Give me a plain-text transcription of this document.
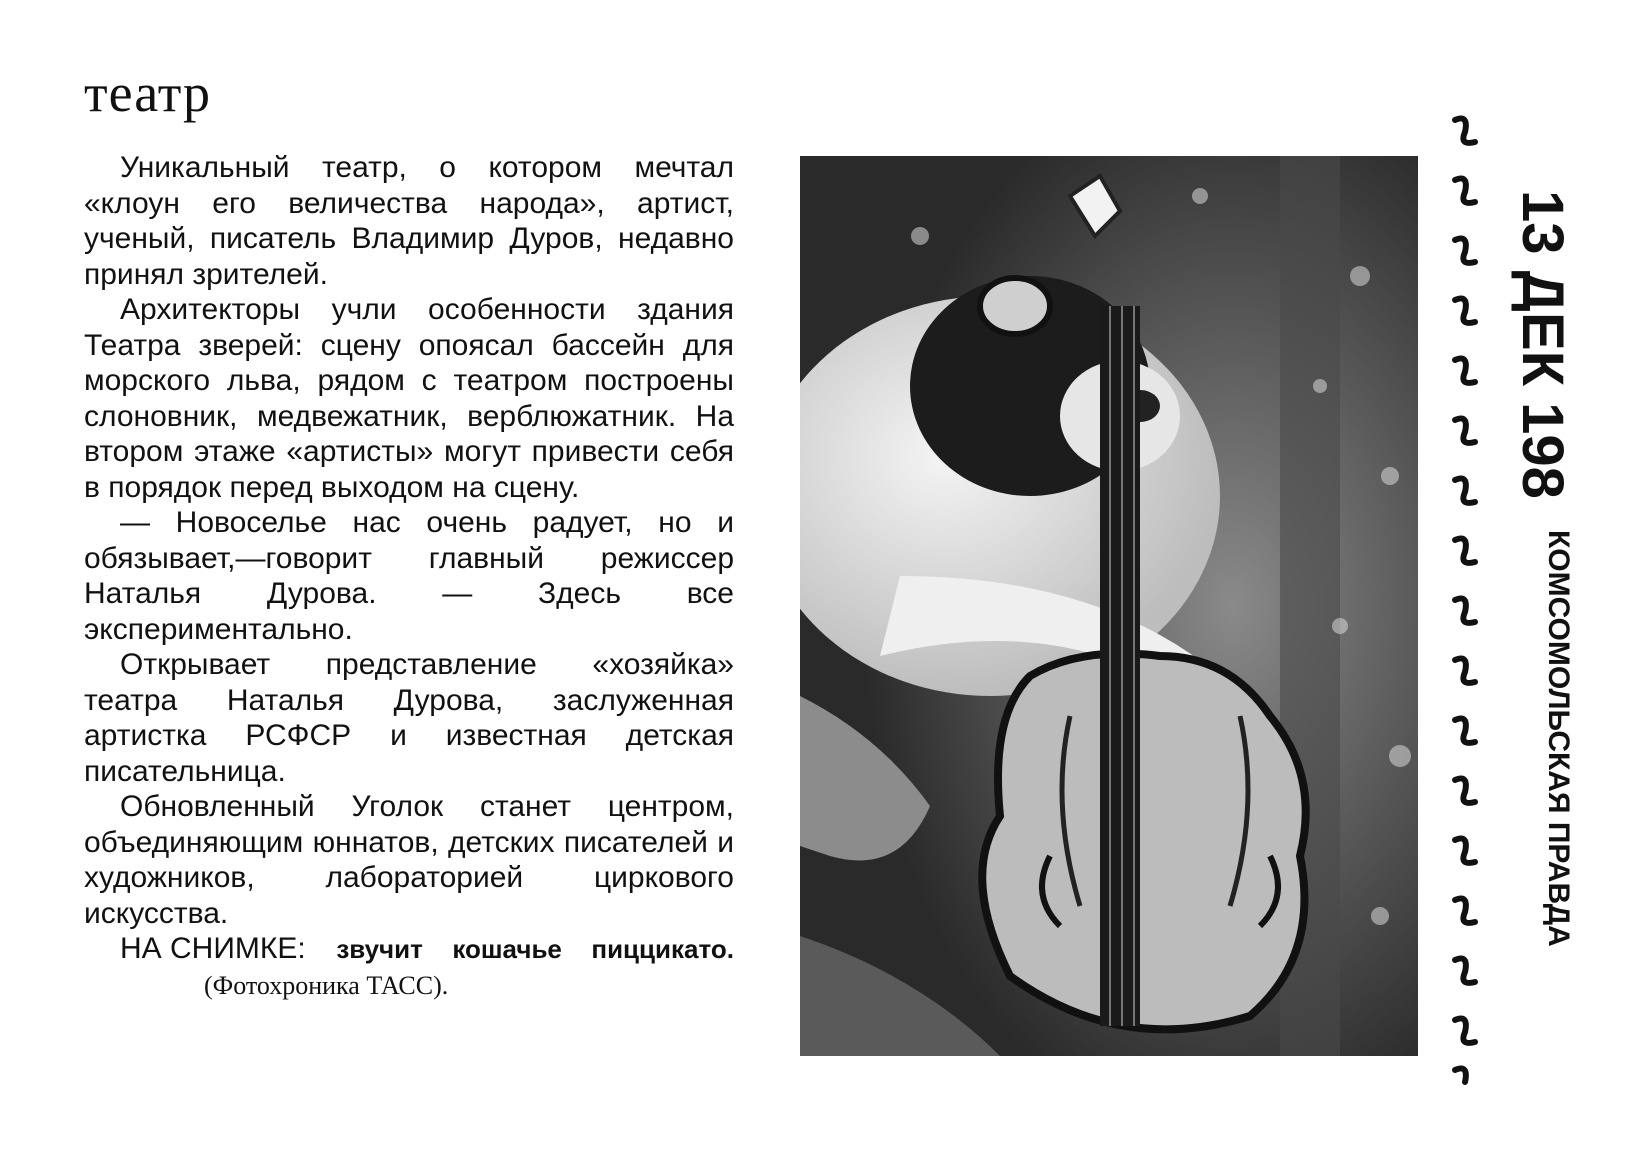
театр

Уникальный театр, о котором мечтал «клоун его величества народа», артист, ученый, писатель Владимир Дуров, недавно принял зрителей.

Архитекторы учли особенности здания Театра зверей: сцену опоясал бассейн для морского льва, рядом с театром построены слоновник, медвежатник, верблюжатник. На втором этаже «артисты» могут привести себя в порядок перед выходом на сцену.

— Новоселье нас очень радует, но и обязывает,—говорит главный режиссер Наталья Дурова. — Здесь все экспериментально.

Открывает представление «хозяйка» театра Наталья Дурова, заслуженная артистка РСФСР и известная детская писательница.

Обновленный Уголок станет центром, объединяющим юннатов, детских писателей и художников, лабораторией циркового искусства.

НА СНИМКЕ: звучит кошачье пиццикато. (Фотохроника ТАСС).
13 ДЕК 198
КОМСОМОЛЬСКАЯ ПРАВДА
